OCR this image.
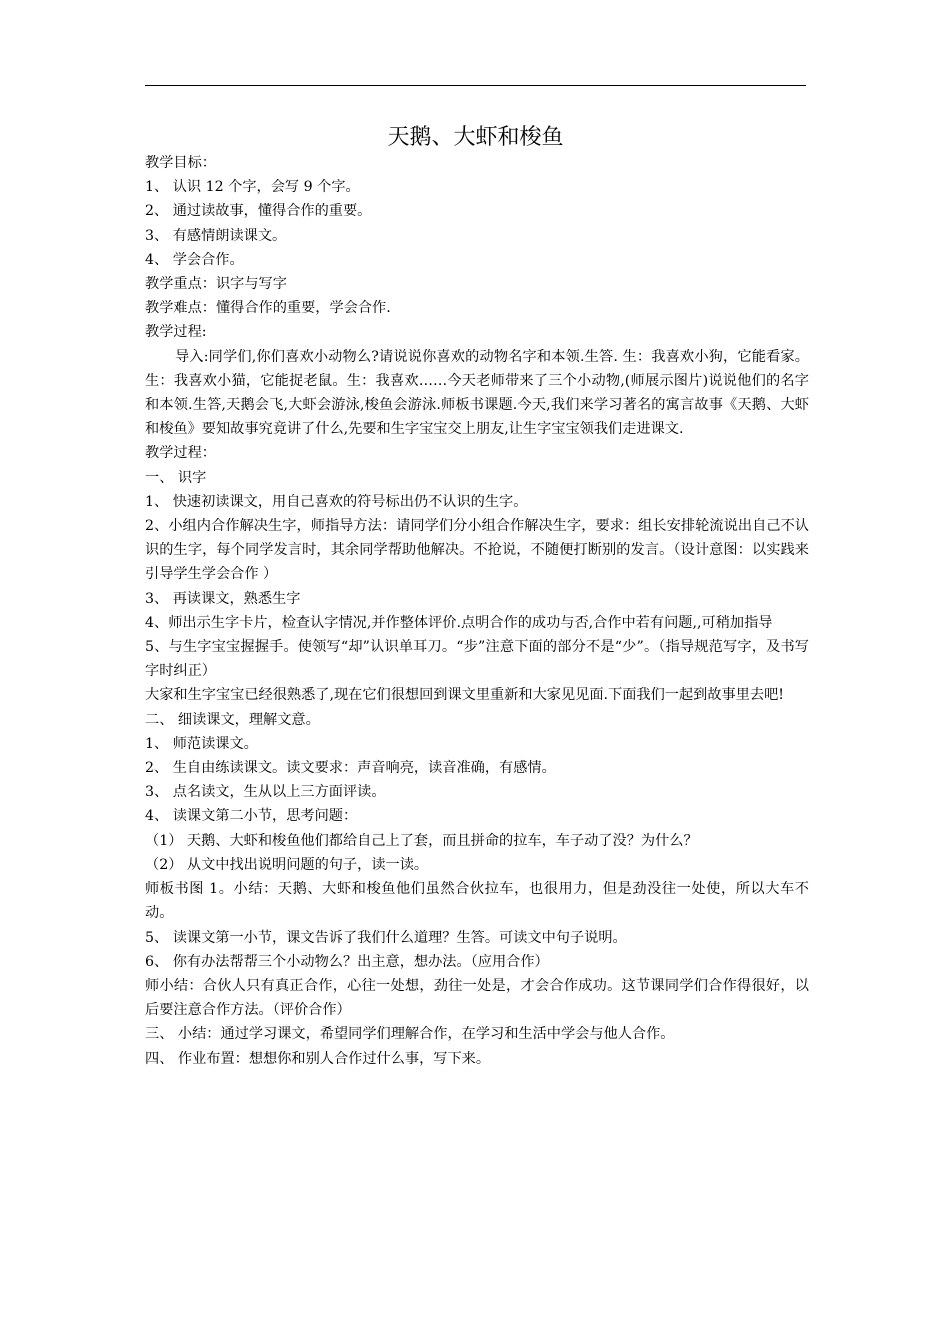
天鹅、大虾和梭鱼
教学目标：
1、 认识 12 个字，会写 9 个字。
2、 通过读故事，懂得合作的重要。
3、 有感情朗读课文。
4、 学会合作。
教学重点：识字与写字
教学难点：懂得合作的重要，学会合作.
教学过程:
导入:同学们,你们喜欢小动物么?请说说你喜欢的动物名字和本领.生答. 生：我喜欢小狗，它能看家。生：我喜欢小猫，它能捉老鼠。生：我喜欢……今天老师带来了三个小动物,(师展示图片)说说他们的名字和本领.生答,天鹅会飞,大虾会游泳,梭鱼会游泳.师板书课题.今天,我们来学习著名的寓言故事《天鹅、大虾和梭鱼》要知故事究竟讲了什么,先要和生字宝宝交上朋友,让生字宝宝领我们走进课文.
教学过程：
一、 识字
1、 快速初读课文，用自己喜欢的符号标出仍不认识的生字。
2、小组内合作解决生字，师指导方法：请同学们分小组合作解决生字，要求：组长安排轮流说出自己不认识的生字，每个同学发言时，其余同学帮助他解决。不抢说，不随便打断别的发言。（设计意图：以实践来引导学生学会合作 ）
3、 再读课文，熟悉生字
4、师出示生字卡片，检查认字情况,并作整体评价.点明合作的成功与否,合作中若有问题,,可稍加指导
5、与生字宝宝握握手。使领写“却”认识单耳刀。“步”注意下面的部分不是“少”。（指导规范写字，及书写字时纠正）
大家和生字宝宝已经很熟悉了,现在它们很想回到课文里重新和大家见见面.下面我们一起到故事里去吧!
二、 细读课文，理解文意。
1、 师范读课文。
2、 生自由练读课文。读文要求：声音响亮，读音准确，有感情。
3、 点名读文，生从以上三方面评读。
4、 读课文第二小节，思考问题：
（1） 天鹅、大虾和梭鱼他们都给自己上了套，而且拼命的拉车，车子动了没？为什么？
（2） 从文中找出说明问题的句子，读一读。
师板书图 1。小结：天鹅、大虾和梭鱼他们虽然合伙拉车，也很用力，但是劲没往一处使，所以大车不动。
5、 读课文第一小节，课文告诉了我们什么道理？生答。可读文中句子说明。
6、 你有办法帮帮三个小动物么？出主意，想办法。（应用合作）
师小结：合伙人只有真正合作，心往一处想，劲往一处是，才会合作成功。这节课同学们合作得很好，以后要注意合作方法。（评价合作）
三、 小结：通过学习课文，希望同学们理解合作，在学习和生活中学会与他人合作。
四、 作业布置：想想你和别人合作过什么事，写下来。
